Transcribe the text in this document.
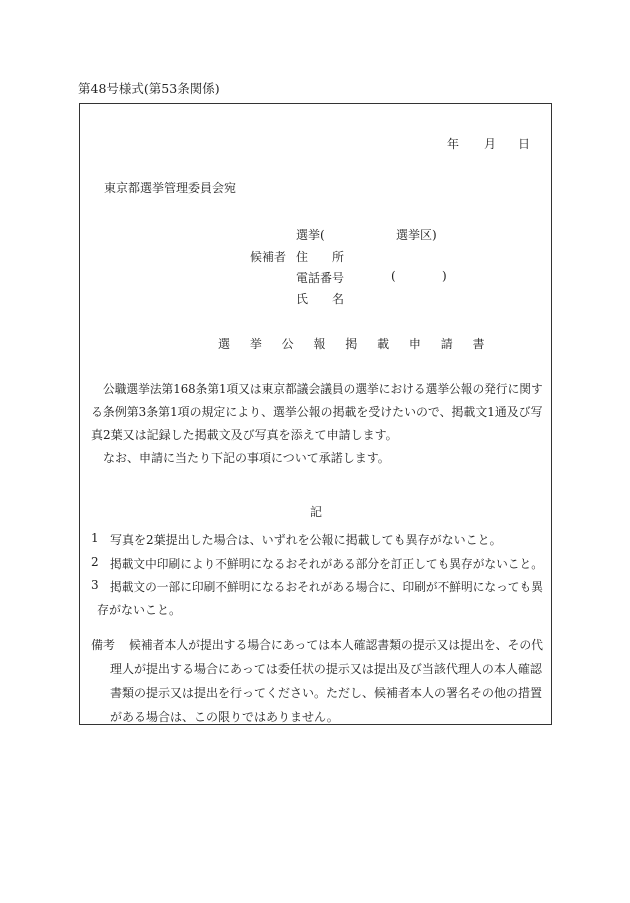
第48号様式(第53条関係)
年 月 日
東京都選挙管理委員会宛
選挙(	選挙区)
候補者 住　　所
電話番号	(	)
氏　　名
選 挙 公 報 掲 載 申 請 書
公職選挙法第168条第1項又は東京都議会議員の選挙における選挙公報の発行に関す
る条例第3条第1項の規定により、選挙公報の掲載を受けたいので、掲載文1通及び写
真2葉又は記録した掲載文及び写真を添えて申請します。
なお、申請に当たり下記の事項について承諾します。
記
1 写真を2葉提出した場合は、いずれを公報に掲載しても異存がないこと。
2 掲載文中印刷により不鮮明になるおそれがある部分を訂正しても異存がないこと。
3 掲載文の一部に印刷不鮮明になるおそれがある場合に、印刷が不鮮明になっても異
存がないこと。
備考 候補者本人が提出する場合にあっては本人確認書類の提示又は提出を、その代
理人が提出する場合にあっては委任状の提示又は提出及び当該代理人の本人確認
書類の提示又は提出を行ってください。ただし、候補者本人の署名その他の措置
がある場合は、この限りではありません。
